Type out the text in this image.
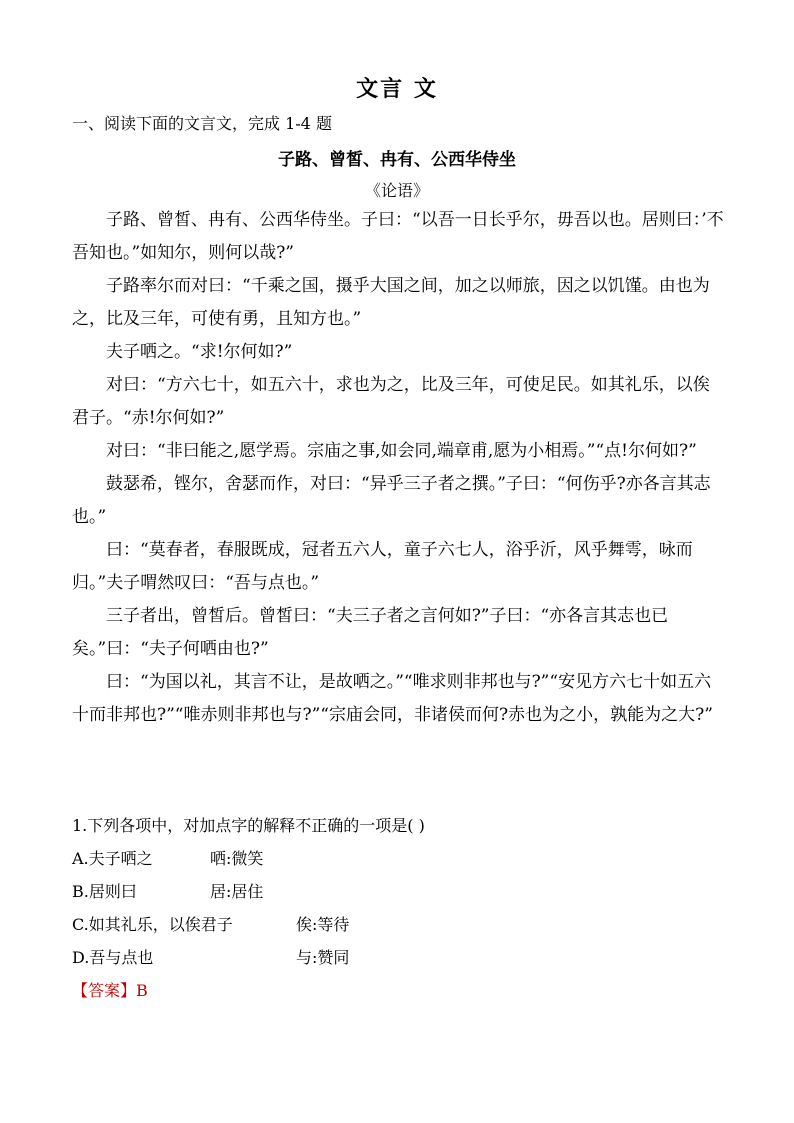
文言 文

一、阅读下面的文言文，完成 1-4 题

子路、曾皙、冉有、公西华侍坐

《论语》

子路、曾皙、冉有、公西华侍坐。子曰：“以吾一日长乎尔，毋吾以也。居则曰：’不吾知也。”如知尔，则何以哉?”

子路率尔而对曰：“千乘之国，摄乎大国之间，加之以师旅，因之以饥馑。由也为之，比及三年，可使有勇，且知方也。”

夫子哂之。“求!尔何如?”

对曰：“方六七十，如五六十，求也为之，比及三年，可使足民。如其礼乐，以俟君子。“赤!尔何如?”

对曰：“非曰能之,愿学焉。宗庙之事,如会同,端章甫,愿为小相焉。”“点!尔何如?”

鼓瑟希，铿尔，舍瑟而作，对曰：“异乎三子者之撰。”子曰：“何伤乎?亦各言其志也。”

曰：“莫春者，春服既成，冠者五六人，童子六七人，浴乎沂，风乎舞雩，咏而归。”夫子喟然叹曰：“吾与点也。”

三子者出，曾皙后。曾皙曰：“夫三子者之言何如?”子曰：“亦各言其志也已矣。”曰：“夫子何哂由也?”

曰：“为国以礼，其言不让，是故哂之。”“唯求则非邦也与?”“安见方六七十如五六十而非邦也?”“唯赤则非邦也与?”“宗庙会同，非诸侯而何?赤也为之小，孰能为之大?”

1.下列各项中，对加点字的解释不正确的一项是( )

A.夫子哂之	哂:微笑
B.居则曰	居:居住
C.如其礼乐，以俟君子	俟:等待
D.吾与点也	与:赞同

【答案】B
